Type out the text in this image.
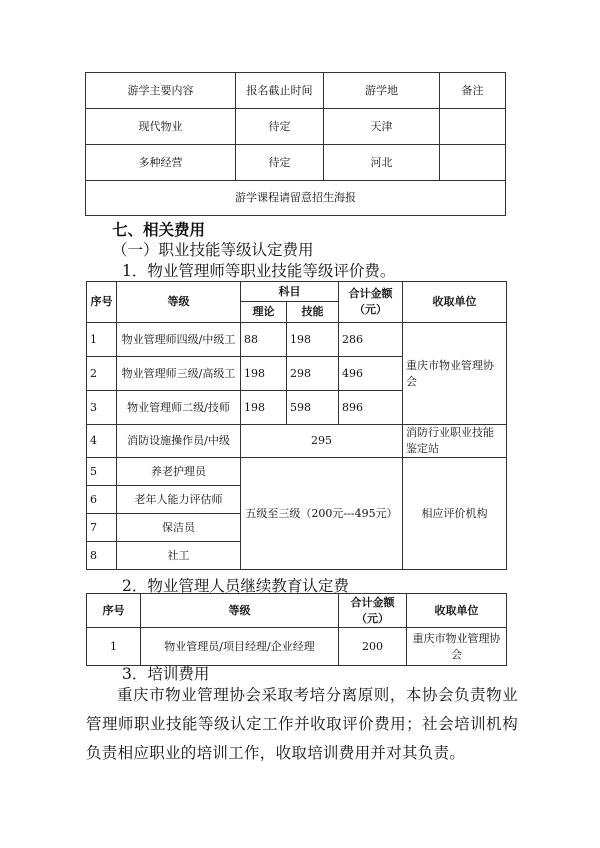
游学主要内容	报名截止时间	游学地	备注
现代物业	待定	天津	
多种经营	待定	河北	
游学课程请留意招生海报			
七、相关费用
（一）职业技能等级认定费用
1．物业管理师等职业技能等级评价费。
序号	等级	科目		合计金额（元）	收取单位
		理论	技能		
1	物业管理师四级/中级工	88	198	286	重庆市物业管理协会
2	物业管理师三级/高级工	198	298	496	
3	物业管理师二级/技师	198	598	896	
4	消防设施操作员/中级	295			消防行业职业技能鉴定站
5	养老护理员	五级至三级（200元---495元）			相应评价机构
6	老年人能力评估师				
7	保洁员				
8	社工				
2．物业管理人员继续教育认定费
序号	等级	合计金额（元）	收取单位
1	物业管理员/项目经理/企业经理	200	重庆市物业管理协会
3．培训费用
重庆市物业管理协会采取考培分离原则，本协会负责物业管理师职业技能等级认定工作并收取评价费用；社会培训机构负责相应职业的培训工作，收取培训费用并对其负责。
